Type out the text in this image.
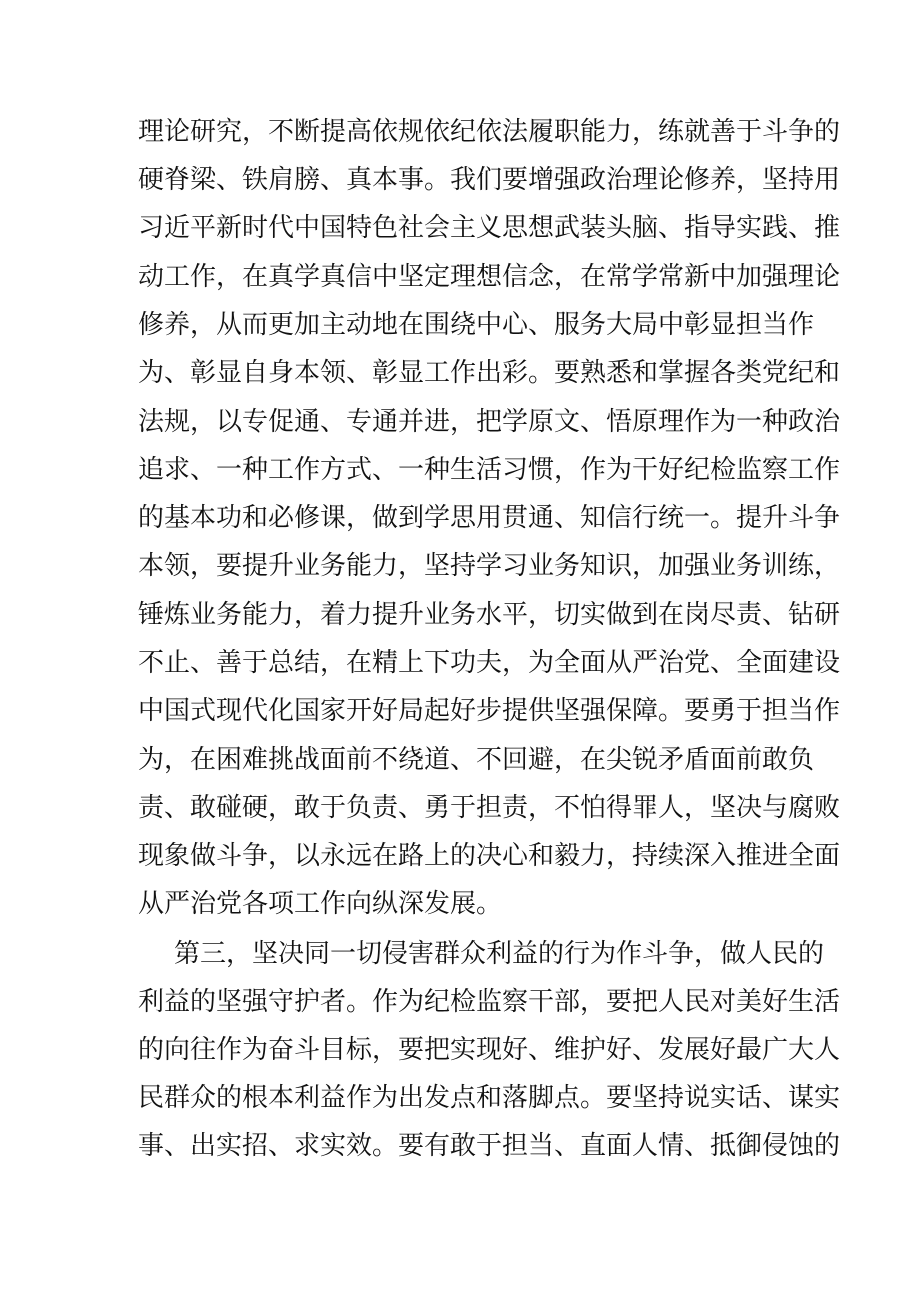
理论研究，不断提高依规依纪依法履职能力，练就善于斗争的
硬脊梁、铁肩膀、真本事。我们要增强政治理论修养，坚持用
习近平新时代中国特色社会主义思想武装头脑、指导实践、推
动工作，在真学真信中坚定理想信念，在常学常新中加强理论
修养，从而更加主动地在围绕中心、服务大局中彰显担当作
为、彰显自身本领、彰显工作出彩。要熟悉和掌握各类党纪和
法规，以专促通、专通并进，把学原文、悟原理作为一种政治
追求、一种工作方式、一种生活习惯，作为干好纪检监察工作
的基本功和必修课，做到学思用贯通、知信行统一。提升斗争
本领，要提升业务能力，坚持学习业务知识，加强业务训练，
锤炼业务能力，着力提升业务水平，切实做到在岗尽责、钻研
不止、善于总结，在精上下功夫，为全面从严治党、全面建设
中国式现代化国家开好局起好步提供坚强保障。要勇于担当作
为，在困难挑战面前不绕道、不回避，在尖锐矛盾面前敢负
责、敢碰硬，敢于负责、勇于担责，不怕得罪人，坚决与腐败
现象做斗争，以永远在路上的决心和毅力，持续深入推进全面
从严治党各项工作向纵深发展。
第三，坚决同一切侵害群众利益的行为作斗争，做人民的
利益的坚强守护者。作为纪检监察干部，要把人民对美好生活
的向往作为奋斗目标，要把实现好、维护好、发展好最广大人
民群众的根本利益作为出发点和落脚点。要坚持说实话、谋实
事、出实招、求实效。要有敢于担当、直面人情、抵御侵蚀的
